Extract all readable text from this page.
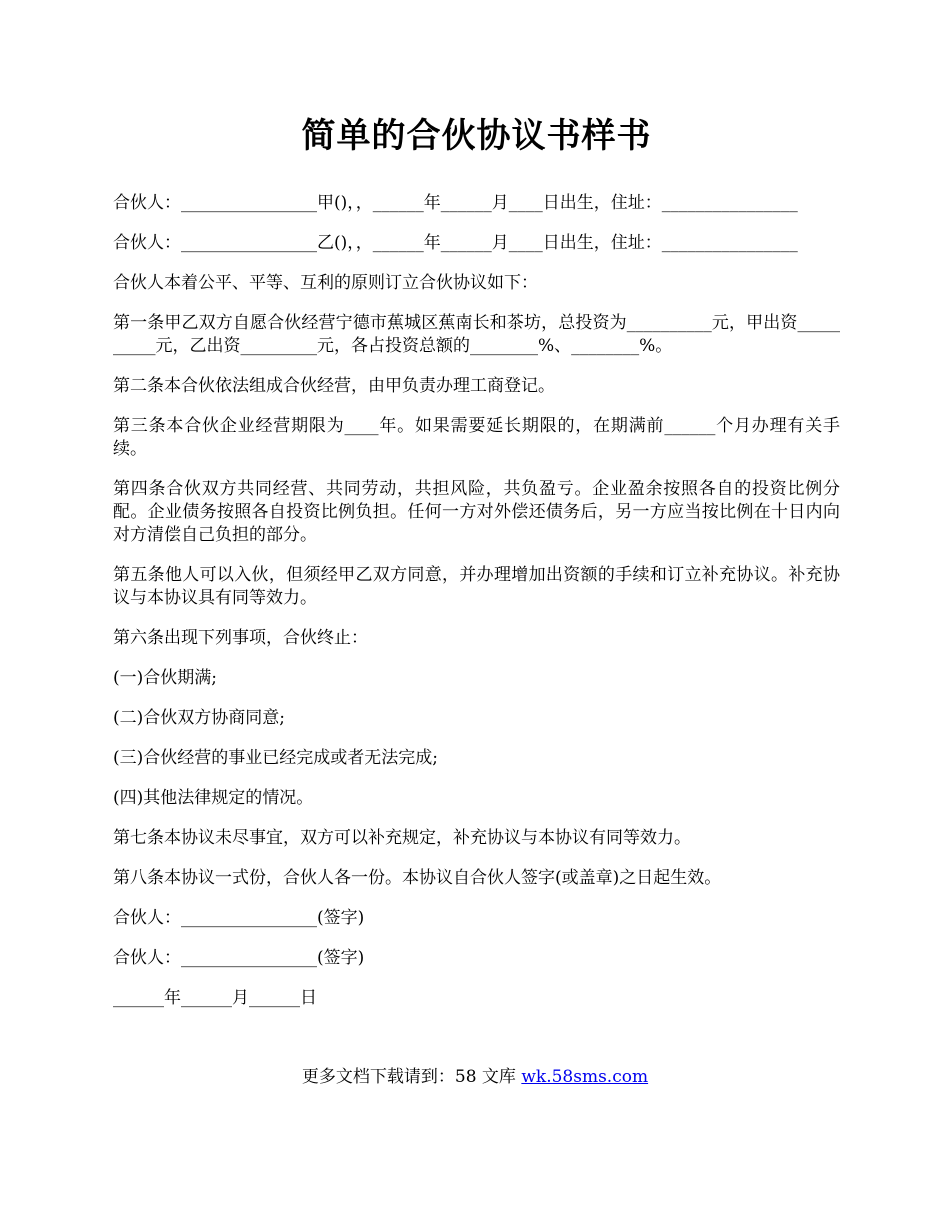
简单的合伙协议书样书

合伙人：________________甲()，，______年______月____日出生，住址：________________

合伙人：________________乙()，，______年______月____日出生，住址：________________

合伙人本着公平、平等、互利的原则订立合伙协议如下：

第一条甲乙双方自愿合伙经营宁德市蕉城区蕉南长和茶坊，总投资为__________元，甲出资__________元，乙出资_________元，各占投资总额的________%、________%。

第二条本合伙依法组成合伙经营，由甲负责办理工商登记。

第三条本合伙企业经营期限为____年。如果需要延长期限的，在期满前______个月办理有关手续。

第四条合伙双方共同经营、共同劳动，共担风险，共负盈亏。企业盈余按照各自的投资比例分配。企业债务按照各自投资比例负担。任何一方对外偿还债务后，另一方应当按比例在十日内向对方清偿自己负担的部分。

第五条他人可以入伙，但须经甲乙双方同意，并办理增加出资额的手续和订立补充协议。补充协议与本协议具有同等效力。

第六条出现下列事项，合伙终止：

(一)合伙期满;

(二)合伙双方协商同意;

(三)合伙经营的事业已经完成或者无法完成;

(四)其他法律规定的情况。

第七条本协议未尽事宜，双方可以补充规定，补充协议与本协议有同等效力。

第八条本协议一式份，合伙人各一份。本协议自合伙人签字(或盖章)之日起生效。

合伙人：________________(签字)

合伙人：________________(签字)

______年______月______日

更多文档下载请到：58 文库 wk.58sms.com
